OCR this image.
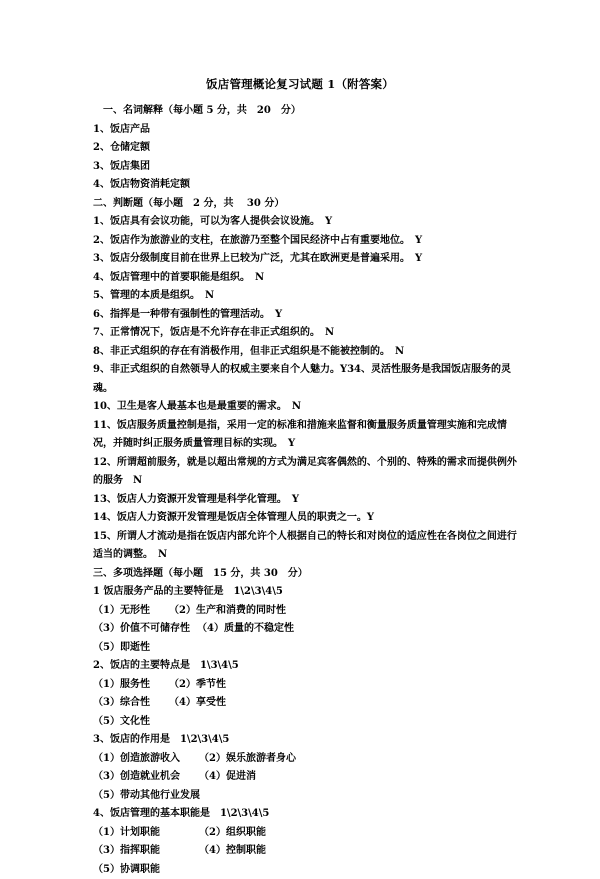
饭店管理概论复习试题 1（附答案）
一、名词解释（每小题 5 分，共　20　分）
1、饭店产品
2、仓储定额
3、饭店集团
4、饭店物资消耗定额
二、判断题（每小题　2 分，共　 30 分）
1、饭店具有会议功能，可以为客人提供会议设施。　Y
2、饭店作为旅游业的支柱，在旅游乃至整个国民经济中占有重要地位。　Y
3、饭店分级制度目前在世界上已较为广泛，尤其在欧洲更是普遍采用。　Y
4、饭店管理中的首要职能是组织。　N
5、管理的本质是组织。　N
6、指挥是一种带有强制性的管理活动。　Y
7、正常情况下，饭店是不允许存在非正式组织的。　N
8、非正式组织的存在有消极作用，但非正式组织是不能被控制的。　N
9、非正式组织的自然领导人的权威主要来自个人魅力。Y34、灵活性服务是我国饭店服务的灵魂。
10、卫生是客人最基本也是最重要的需求。　N
11、饭店服务质量控制是指，采用一定的标准和措施来监督和衡量服务质量管理实施和完成情况，并随时纠正服务质量管理目标的实现。　Y
12、所谓超前服务，就是以超出常规的方式为满足宾客偶然的、个别的、特殊的需求而提供例外的服务　N
13、饭店人力资源开发管理是科学化管理。　Y
14、饭店人力资源开发管理是饭店全体管理人员的职责之一。Y
15、所谓人才流动是指在饭店内部允许个人根据自己的特长和对岗位的适应性在各岗位之间进行适当的调整。　N
三、多项选择题（每小题　15 分，共 30　分）
1 饭店服务产品的主要特征是　1\2\3\4\5
（1）无形性	（2）生产和消费的同时性
（3）价值不可储存性 （4）质量的不稳定性
（5）即逝性
2、饭店的主要特点是　1\3\4\5
（1）服务性	（2）季节性
（3）综合性	（4）享受性
（5）文化性
3、饭店的作用是　1\2\3\4\5
（1）创造旅游收入	（2）娱乐旅游者身心
（3）创造就业机会	（4）促进消
（5）带动其他行业发展
4、饭店管理的基本职能是　1\2\3\4\5
（1）计划职能	（2）组织职能
（3）指挥职能	（4）控制职能
（5）协调职能
